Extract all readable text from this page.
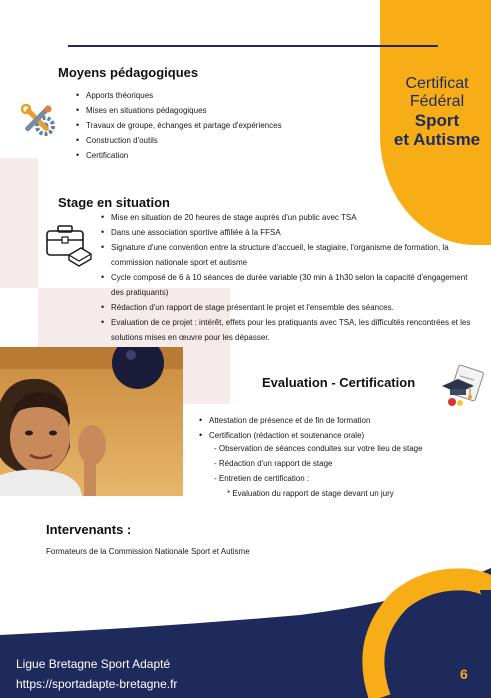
Certificat
Fédéral
Sport
et Autisme
Moyens pédagogiques
• Apports théoriques
• Mises en situations pédagogiques
• Travaux de groupe, échanges et partage d'expériences
• Construction d'outils
• Certification
Stage en situation
• Mise en situation de 20 heures de stage auprès d'un public avec TSA
• Dans une association sportive affiliée à la FFSA
• Signature d'une convention entre la structure d'accueil, le stagiaire, l'organisme de formation, la commission nationale sport et autisme
• Cycle composé de 6 à 10 séances de durée variable (30 min à 1h30 selon la capacité d'engagement des pratiquants)
• Rédaction d'un rapport de stage présentant le projet et l'ensemble des séances.
• Evaluation de ce projet : intérêt, effets pour les pratiquants avec TSA, les difficultés rencontrées et les solutions mises en œuvre pour les dépasser.
Evaluation - Certification
• Attestation de présence et de fin de formation
• Certification (rédaction et soutenance orale)
- Observation de séances conduites sur votre lieu de stage
- Rédaction d'un rapport de stage
- Entretien de certification :
* Evaluation du rapport de stage devant un jury
Intervenants :
Formateurs de la Commission Nationale Sport et Autisme
Ligue Bretagne Sport Adapté
https://sportadapte-bretagne.fr
6
